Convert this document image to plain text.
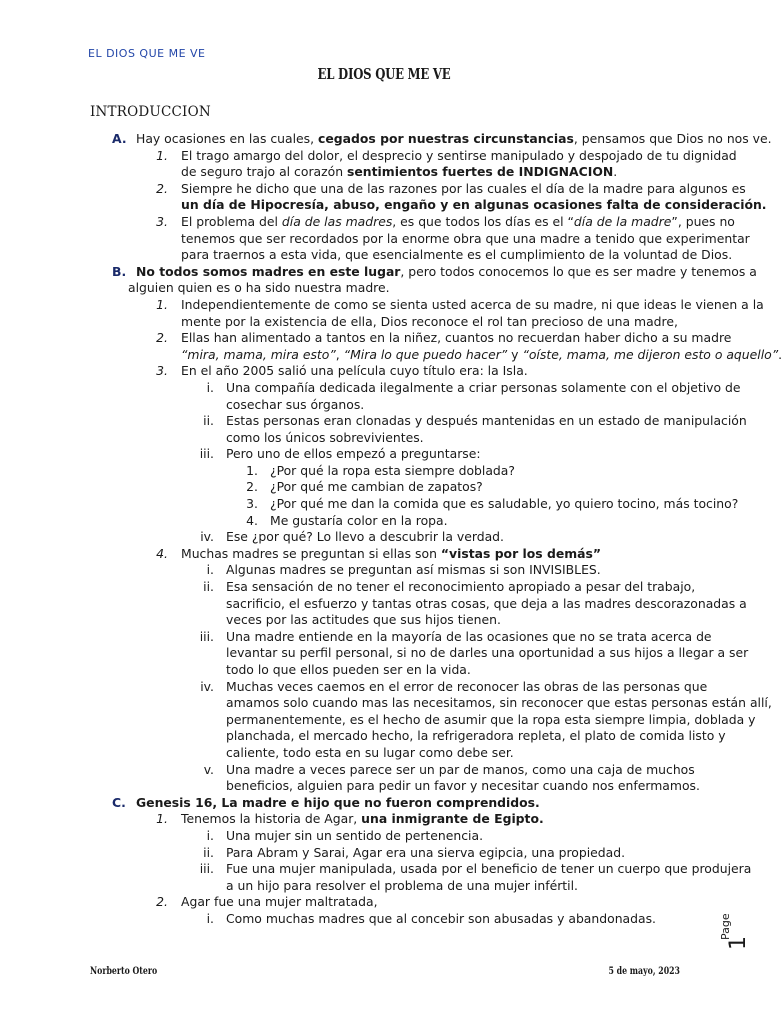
EL DIOS QUE ME VE
EL DIOS QUE ME VE
INTRODUCCION
A. Hay ocasiones en las cuales, cegados por nuestras circunstancias, pensamos que Dios no nos ve.
1. El trago amargo del dolor, el desprecio y sentirse manipulado y despojado de tu dignidad
de seguro trajo al corazón sentimientos fuertes de INDIGNACION.
2. Siempre he dicho que una de las razones por las cuales el día de la madre para algunos es
un día de Hipocresía, abuso, engaño y en algunas ocasiones falta de consideración.
3. El problema del día de las madres, es que todos los días es el “día de la madre”, pues no
tenemos que ser recordados por la enorme obra que una madre a tenido que experimentar
para traernos a esta vida, que esencialmente es el cumplimiento de la voluntad de Dios.
B. No todos somos madres en este lugar, pero todos conocemos lo que es ser madre y tenemos a
alguien quien es o ha sido nuestra madre.
1. Independientemente de como se sienta usted acerca de su madre, ni que ideas le vienen a la
mente por la existencia de ella, Dios reconoce el rol tan precioso de una madre,
2. Ellas han alimentado a tantos en la niñez, cuantos no recuerdan haber dicho a su madre
“mira, mama, mira esto”, “Mira lo que puedo hacer” y “oíste, mama, me dijeron esto o aquello”.
3. En el año 2005 salió una película cuyo título era: la Isla.
i. Una compañía dedicada ilegalmente a criar personas solamente con el objetivo de
cosechar sus órganos.
ii. Estas personas eran clonadas y después mantenidas en un estado de manipulación
como los únicos sobrevivientes.
iii. Pero uno de ellos empezó a preguntarse:
1. ¿Por qué la ropa esta siempre doblada?
2. ¿Por qué me cambian de zapatos?
3. ¿Por qué me dan la comida que es saludable, yo quiero tocino, más tocino?
4. Me gustaría color en la ropa.
iv. Ese ¿por qué? Lo llevo a descubrir la verdad.
4. Muchas madres se preguntan si ellas son “vistas por los demás”
i. Algunas madres se preguntan así mismas si son INVISIBLES.
ii. Esa sensación de no tener el reconocimiento apropiado a pesar del trabajo,
sacrificio, el esfuerzo y tantas otras cosas, que deja a las madres descorazonadas a
veces por las actitudes que sus hijos tienen.
iii. Una madre entiende en la mayoría de las ocasiones que no se trata acerca de
levantar su perfil personal, si no de darles una oportunidad a sus hijos a llegar a ser
todo lo que ellos pueden ser en la vida.
iv. Muchas veces caemos en el error de reconocer las obras de las personas que
amamos solo cuando mas las necesitamos, sin reconocer que estas personas están allí,
permanentemente, es el hecho de asumir que la ropa esta siempre limpia, doblada y
planchada, el mercado hecho, la refrigeradora repleta, el plato de comida listo y
caliente, todo esta en su lugar como debe ser.
v. Una madre a veces parece ser un par de manos, como una caja de muchos
beneficios, alguien para pedir un favor y necesitar cuando nos enfermamos.
C. Genesis 16, La madre e hijo que no fueron comprendidos.
1. Tenemos la historia de Agar, una inmigrante de Egipto.
i. Una mujer sin un sentido de pertenencia.
ii. Para Abram y Sarai, Agar era una sierva egipcia, una propiedad.
iii. Fue una mujer manipulada, usada por el beneficio de tener un cuerpo que produjera
a un hijo para resolver el problema de una mujer infértil.
2. Agar fue una mujer maltratada,
i. Como muchas madres que al concebir son abusadas y abandonadas.
Norberto Otero	5 de mayo, 2023
Page
1
